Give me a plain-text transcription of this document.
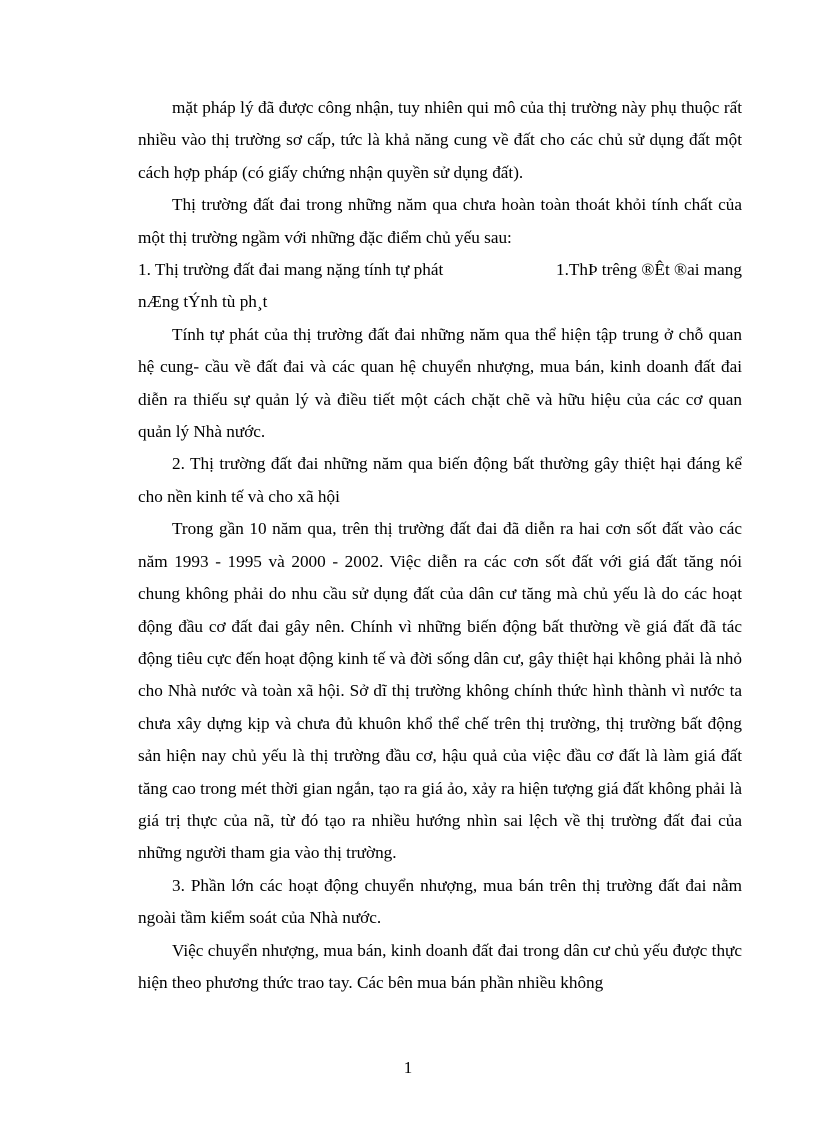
mặt pháp lý đã được công nhận, tuy nhiên qui mô của thị trường này phụ thuộc rất nhiều vào thị trường sơ cấp, tức là khả năng cung về đất cho các chủ sử dụng đất một cách hợp pháp (có giấy chứng nhận quyền sử dụng đất).

Thị trường đất đai trong những năm qua chưa hoàn toàn thoát khỏi tính chất của một thị trường ngầm với những đặc điểm chủ yếu sau:

1. Thị trường đất đai mang nặng tính tự phát	1.ThÞ trêng ®Êt ®ai mang

nÆng tÝnh tù ph¸t

Tính tự phát của thị trường đất đai những năm qua thể hiện tập trung ở chỗ quan hệ cung- cầu về đất đai và các quan hệ chuyển nhượng, mua bán, kinh doanh đất đai diễn ra thiếu sự quản lý và điều tiết một cách chặt chẽ và hữu hiệu của các cơ quan quản lý Nhà nước.

2. Thị trường đất đai những năm qua biến động bất thường gây thiệt hại đáng kể cho nền kinh tế và cho xã hội

Trong gần 10 năm qua, trên thị trường đất đai đã diễn ra hai cơn sốt đất vào các năm 1993 - 1995 và 2000 - 2002. Việc diễn ra các cơn sốt đất với giá đất tăng nói chung không phải do nhu cầu sử dụng đất của dân cư tăng mà chủ yếu là do các hoạt động đầu cơ đất đai gây nên. Chính vì những biến động bất thường về giá đất đã tác động tiêu cực đến hoạt động kinh tế và đời sống dân cư, gây thiệt hại không phải là nhỏ cho Nhà nước và toàn xã hội. Sở dĩ thị trường không chính thức hình thành vì nước ta chưa xây dựng kịp và chưa đủ khuôn khổ thể chế trên thị trường, thị trường bất động sản hiện nay chủ yếu là thị trường đầu cơ, hậu quả của việc đầu cơ đất là làm giá đất tăng cao trong mét thời gian ngắn, tạo ra giá ảo, xảy ra hiện tượng giá đất không phải là giá trị thực của nã, từ đó tạo ra nhiều hướng nhìn sai lệch về thị trường đất đai của những người tham gia vào thị trường.

3. Phần lớn các hoạt động chuyển nhượng, mua bán trên thị trường đất đai nằm ngoài tầm kiểm soát của Nhà nước.

Việc chuyển nhượng, mua bán, kinh doanh đất đai trong dân cư chủ yếu được thực hiện theo phương thức trao tay. Các bên mua bán phần nhiều không

1
